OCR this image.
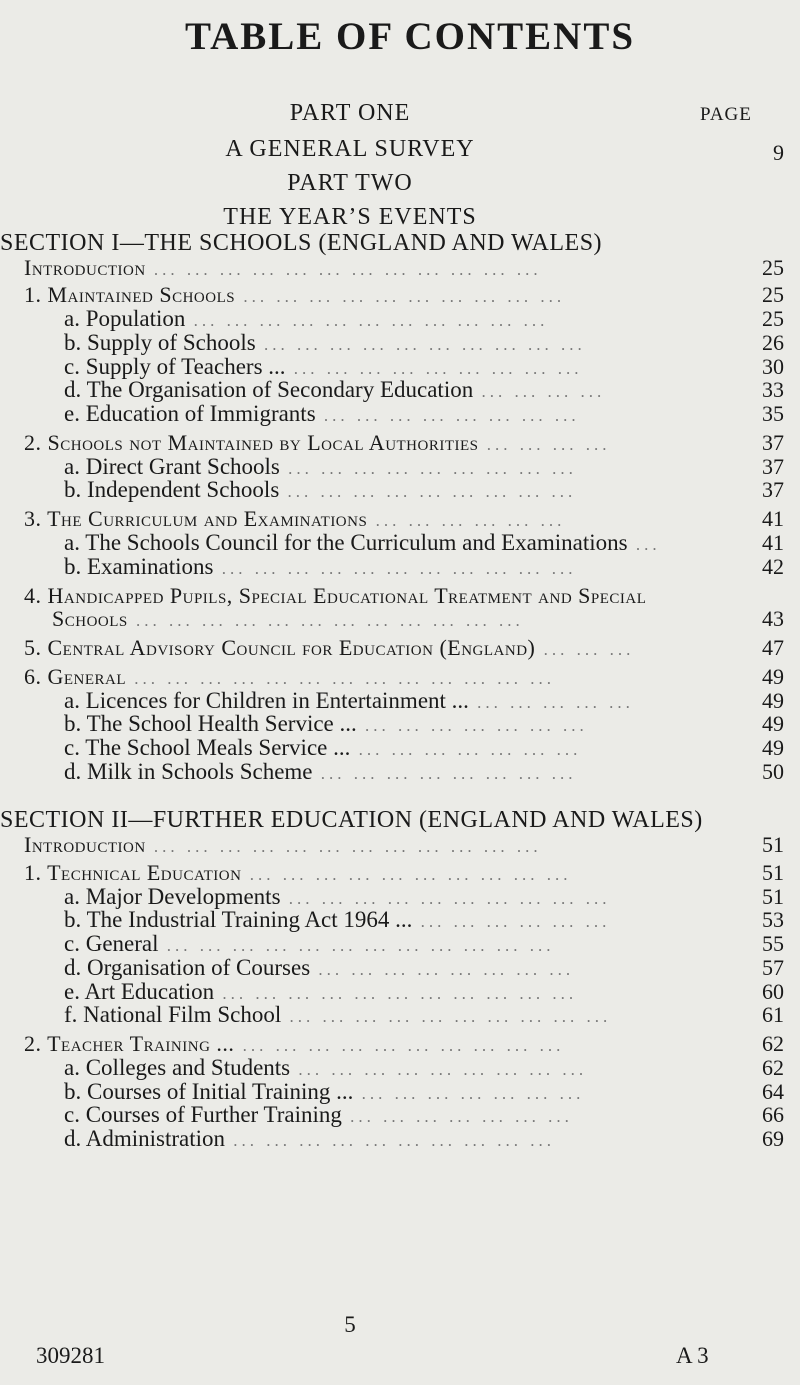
TABLE OF CONTENTS
PAGE
PART ONE
A GENERAL SURVEY	9
PART TWO
THE YEAR’S EVENTS
SECTION I—THE SCHOOLS (ENGLAND AND WALES)
Introduction ... ... ... ... ... ... ... ... ... ... ... ...	25
1. Maintained Schools ... ... ... ... ... ... ... ... ... ...	25
a. Population ... ... ... ... ... ... ... ... ... ... ...	25
b. Supply of Schools ... ... ... ... ... ... ... ... ... ...	26
c. Supply of Teachers ... ... ... ... ... ... ... ... ... ...	30
d. The Organisation of Secondary Education ... ... ... ...	33
e. Education of Immigrants ... ... ... ... ... ... ... ...	35
2. Schools not Maintained by Local Authorities ... ... ... ...	37
a. Direct Grant Schools ... ... ... ... ... ... ... ... ...	37
b. Independent Schools ... ... ... ... ... ... ... ... ...	37
3. The Curriculum and Examinations ... ... ... ... ... ...	41
a. The Schools Council for the Curriculum and Examinations ...	41
b. Examinations ... ... ... ... ... ... ... ... ... ... ...	42
4. Handicapped Pupils, Special Educational Treatment and Special
Schools ... ... ... ... ... ... ... ... ... ... ... ...	43
5. Central Advisory Council for Education (England) ... ... ...	47
6. General ... ... ... ... ... ... ... ... ... ... ... ... ...	49
a. Licences for Children in Entertainment ... ... ... ... ... ...	49
b. The School Health Service ... ... ... ... ... ... ... ...	49
c. The School Meals Service ... ... ... ... ... ... ... ...	49
d. Milk in Schools Scheme ... ... ... ... ... ... ... ...	50
SECTION II—FURTHER EDUCATION (ENGLAND AND WALES)
Introduction ... ... ... ... ... ... ... ... ... ... ... ...	51
1. Technical Education ... ... ... ... ... ... ... ... ... ...	51
a. Major Developments ... ... ... ... ... ... ... ... ... ...	51
b. The Industrial Training Act 1964 ... ... ... ... ... ... ...	53
c. General ... ... ... ... ... ... ... ... ... ... ... ...	55
d. Organisation of Courses ... ... ... ... ... ... ... ...	57
e. Art Education ... ... ... ... ... ... ... ... ... ... ...	60
f. National Film School ... ... ... ... ... ... ... ... ... ...	61
2. Teacher Training ... ... ... ... ... ... ... ... ... ... ...	62
a. Colleges and Students ... ... ... ... ... ... ... ... ...	62
b. Courses of Initial Training ... ... ... ... ... ... ... ...	64
c. Courses of Further Training ... ... ... ... ... ... ...	66
d. Administration ... ... ... ... ... ... ... ... ... ...	69
309281
5
A 3
